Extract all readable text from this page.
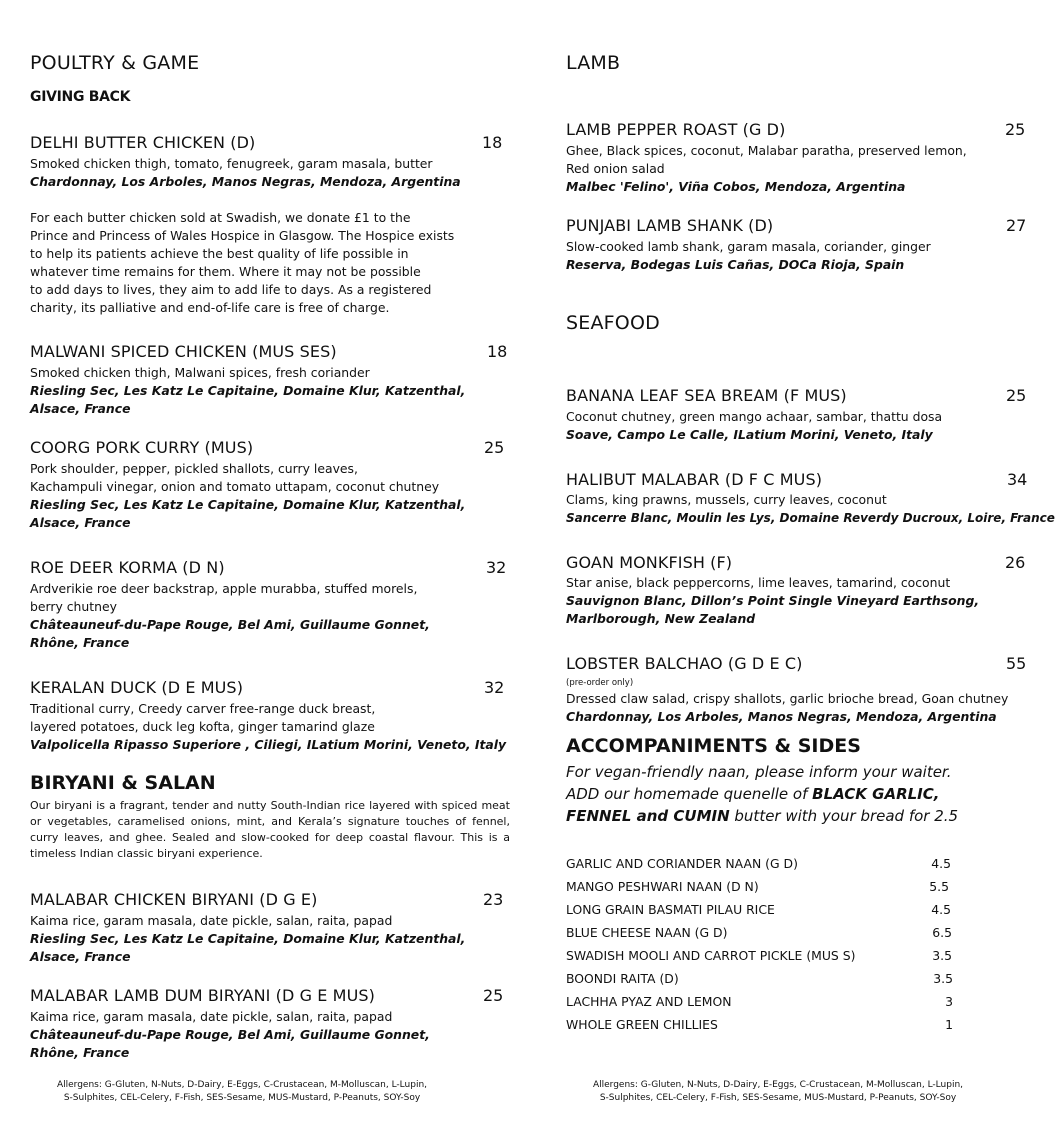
POULTRY & GAME
GIVING BACK
DELHI BUTTER CHICKEN (D)	18
Smoked chicken thigh, tomato, fenugreek, garam masala, butter
Chardonnay, Los Arboles, Manos Negras, Mendoza, Argentina
For each butter chicken sold at Swadish, we donate £1 to the
Prince and Princess of Wales Hospice in Glasgow. The Hospice exists
to help its patients achieve the best quality of life possible in
whatever time remains for them. Where it may not be possible
to add days to lives, they aim to add life to days. As a registered
charity, its palliative and end-of-life care is free of charge.
MALWANI SPICED CHICKEN (MUS SES)	18
Smoked chicken thigh, Malwani spices, fresh coriander
Riesling Sec, Les Katz Le Capitaine, Domaine Klur, Katzenthal,
Alsace, France
COORG PORK CURRY (MUS)	25
Pork shoulder, pepper, pickled shallots, curry leaves,
Kachampuli vinegar, onion and tomato uttapam, coconut chutney
Riesling Sec, Les Katz Le Capitaine, Domaine Klur, Katzenthal,
Alsace, France
ROE DEER KORMA (D N)	32
Ardverikie roe deer backstrap, apple murabba, stuffed morels,
berry chutney
Châteauneuf-du-Pape Rouge, Bel Ami, Guillaume Gonnet,
Rhône, France
KERALAN DUCK (D E MUS)	32
Traditional curry, Creedy carver free-range duck breast,
layered potatoes, duck leg kofta, ginger tamarind glaze
Valpolicella Ripasso Superiore , Ciliegi, ILatium Morini, Veneto, Italy
BIRYANI & SALAN
Our biryani is a fragrant, tender and nutty South-Indian rice layered with spiced meat or vegetables, caramelised onions, mint, and Kerala’s signature touches of fennel, curry leaves, and ghee. Sealed and slow-cooked for deep coastal flavour. This is a timeless Indian classic biryani experience.
MALABAR CHICKEN BIRYANI (D G E)	23
Kaima rice, garam masala, date pickle, salan, raita, papad
Riesling Sec, Les Katz Le Capitaine, Domaine Klur, Katzenthal,
Alsace, France
MALABAR LAMB DUM BIRYANI (D G E MUS)	25
Kaima rice, garam masala, date pickle, salan, raita, papad
Châteauneuf-du-Pape Rouge, Bel Ami, Guillaume Gonnet,
Rhône, France
Allergens: G-Gluten, N-Nuts, D-Dairy, E-Eggs, C-Crustacean, M-Molluscan, L-Lupin,
S-Sulphites, CEL-Celery, F-Fish, SES-Sesame, MUS-Mustard, P-Peanuts, SOY-Soy
LAMB
LAMB PEPPER ROAST (G D)	25
Ghee, Black spices, coconut, Malabar paratha, preserved lemon,
Red onion salad
Malbec 'Felino', Viña Cobos, Mendoza, Argentina
PUNJABI LAMB SHANK (D)	27
Slow-cooked lamb shank, garam masala, coriander, ginger
Reserva, Bodegas Luis Cañas, DOCa Rioja, Spain
SEAFOOD
BANANA LEAF SEA BREAM (F MUS)	25
Coconut chutney, green mango achaar, sambar, thattu dosa
Soave, Campo Le Calle, ILatium Morini, Veneto, Italy
HALIBUT MALABAR (D F C MUS)	34
Clams, king prawns, mussels, curry leaves, coconut
Sancerre Blanc, Moulin les Lys, Domaine Reverdy Ducroux, Loire, France
GOAN MONKFISH (F)	26
Star anise, black peppercorns, lime leaves, tamarind, coconut
Sauvignon Blanc, Dillon’s Point Single Vineyard Earthsong,
Marlborough, New Zealand
LOBSTER BALCHAO (G D E C)	55
(pre-order only)
Dressed claw salad, crispy shallots, garlic brioche bread, Goan chutney
Chardonnay, Los Arboles, Manos Negras, Mendoza, Argentina
ACCOMPANIMENTS & SIDES
For vegan-friendly naan, please inform your waiter.
ADD our homemade quenelle of BLACK GARLIC,
FENNEL and CUMIN butter with your bread for 2.5
GARLIC AND CORIANDER NAAN (G D)	4.5
MANGO PESHWARI NAAN (D N)	5.5
LONG GRAIN BASMATI PILAU RICE	4.5
BLUE CHEESE NAAN (G D)	6.5
SWADISH MOOLI AND CARROT PICKLE (MUS S)	3.5
BOONDI RAITA (D)	3.5
LACHHA PYAZ AND LEMON	3
WHOLE GREEN CHILLIES	1
Allergens: G-Gluten, N-Nuts, D-Dairy, E-Eggs, C-Crustacean, M-Molluscan, L-Lupin,
S-Sulphites, CEL-Celery, F-Fish, SES-Sesame, MUS-Mustard, P-Peanuts, SOY-Soy
